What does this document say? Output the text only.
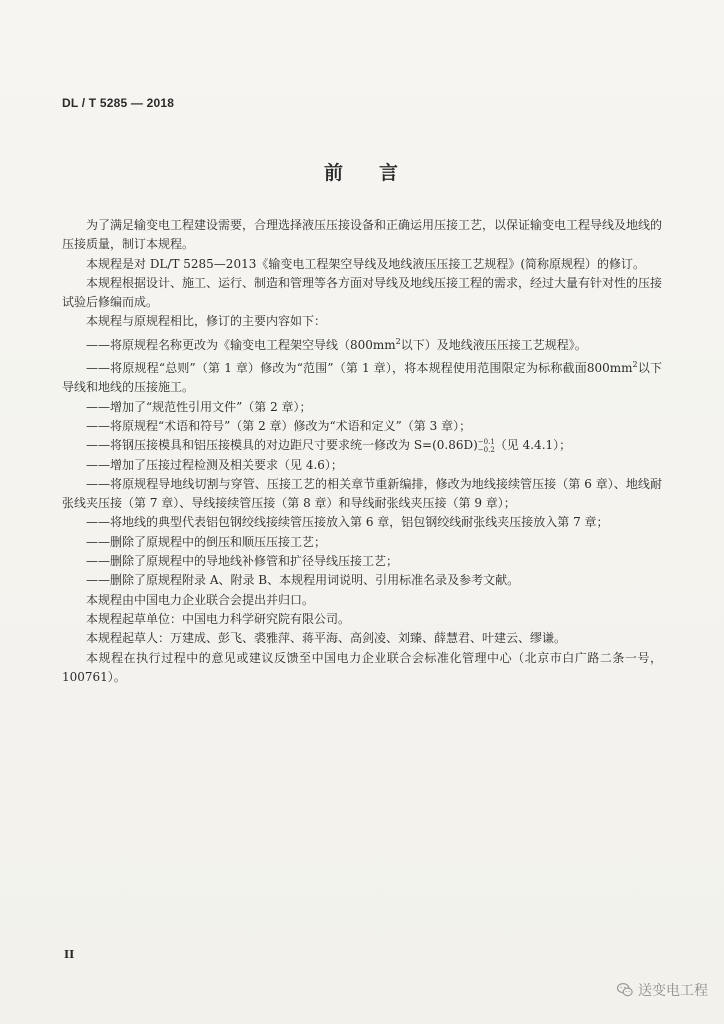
DL / T 5285 — 2018
前 言

为了满足输变电工程建设需要，合理选择液压压接设备和正确运用压接工艺，以保证输变电工程导线及地线的压接质量，制订本规程。

本规程是对 DL/T 5285—2013《输变电工程架空导线及地线液压压接工艺规程》(简称原规程）的修订。

本规程根据设计、施工、运行、制造和管理等各方面对导线及地线压接工程的需求，经过大量有针对性的压接试验后修编而成。

本规程与原规程相比，修订的主要内容如下：

——将原规程名称更改为《输变电工程架空导线（$800mm^2$以下）及地线液压压接工艺规程》。

——将原规程“总则”（第 1 章）修改为“范围”（第 1 章），将本规程使用范围限定为标称截面$800mm^2$以下导线和地线的压接施工。

——增加了“规范性引用文件”（第 2 章）；

——将原规程“术语和符号”（第 2 章）修改为“术语和定义”（第 3 章）；

——将钢压接模具和铝压接模具的对边距尺寸要求统一修改为 S=(0.86D) −0.1
−0.2 （见 4.4.1）；

——增加了压接过程检测及相关要求（见 4.6）；

——将原规程导地线切割与穿管、压接工艺的相关章节重新编排，修改为地线接续管压接（第 6 章）、地线耐张线夹压接（第 7 章）、导线接续管压接（第 8 章）和导线耐张线夹压接（第 9 章）；

——将地线的典型代表铝包钢绞线接续管压接放入第 6 章，铝包钢绞线耐张线夹压接放入第 7 章；

——删除了原规程中的倒压和顺压压接工艺；

——删除了原规程中的导地线补修管和扩径导线压接工艺；

——删除了原规程附录 A、附录 B、本规程用词说明、引用标准名录及参考文献。

本规程由中国电力企业联合会提出并归口。

本规程起草单位：中国电力科学研究院有限公司。

本规程起草人：万建成、彭飞、裘雅萍、蒋平海、高剑凌、刘臻、薛慧君、叶建云、缪谦。

本规程在执行过程中的意见或建议反馈至中国电力企业联合会标准化管理中心（北京市白广路二条一号，100761）。

II
送变电工程
